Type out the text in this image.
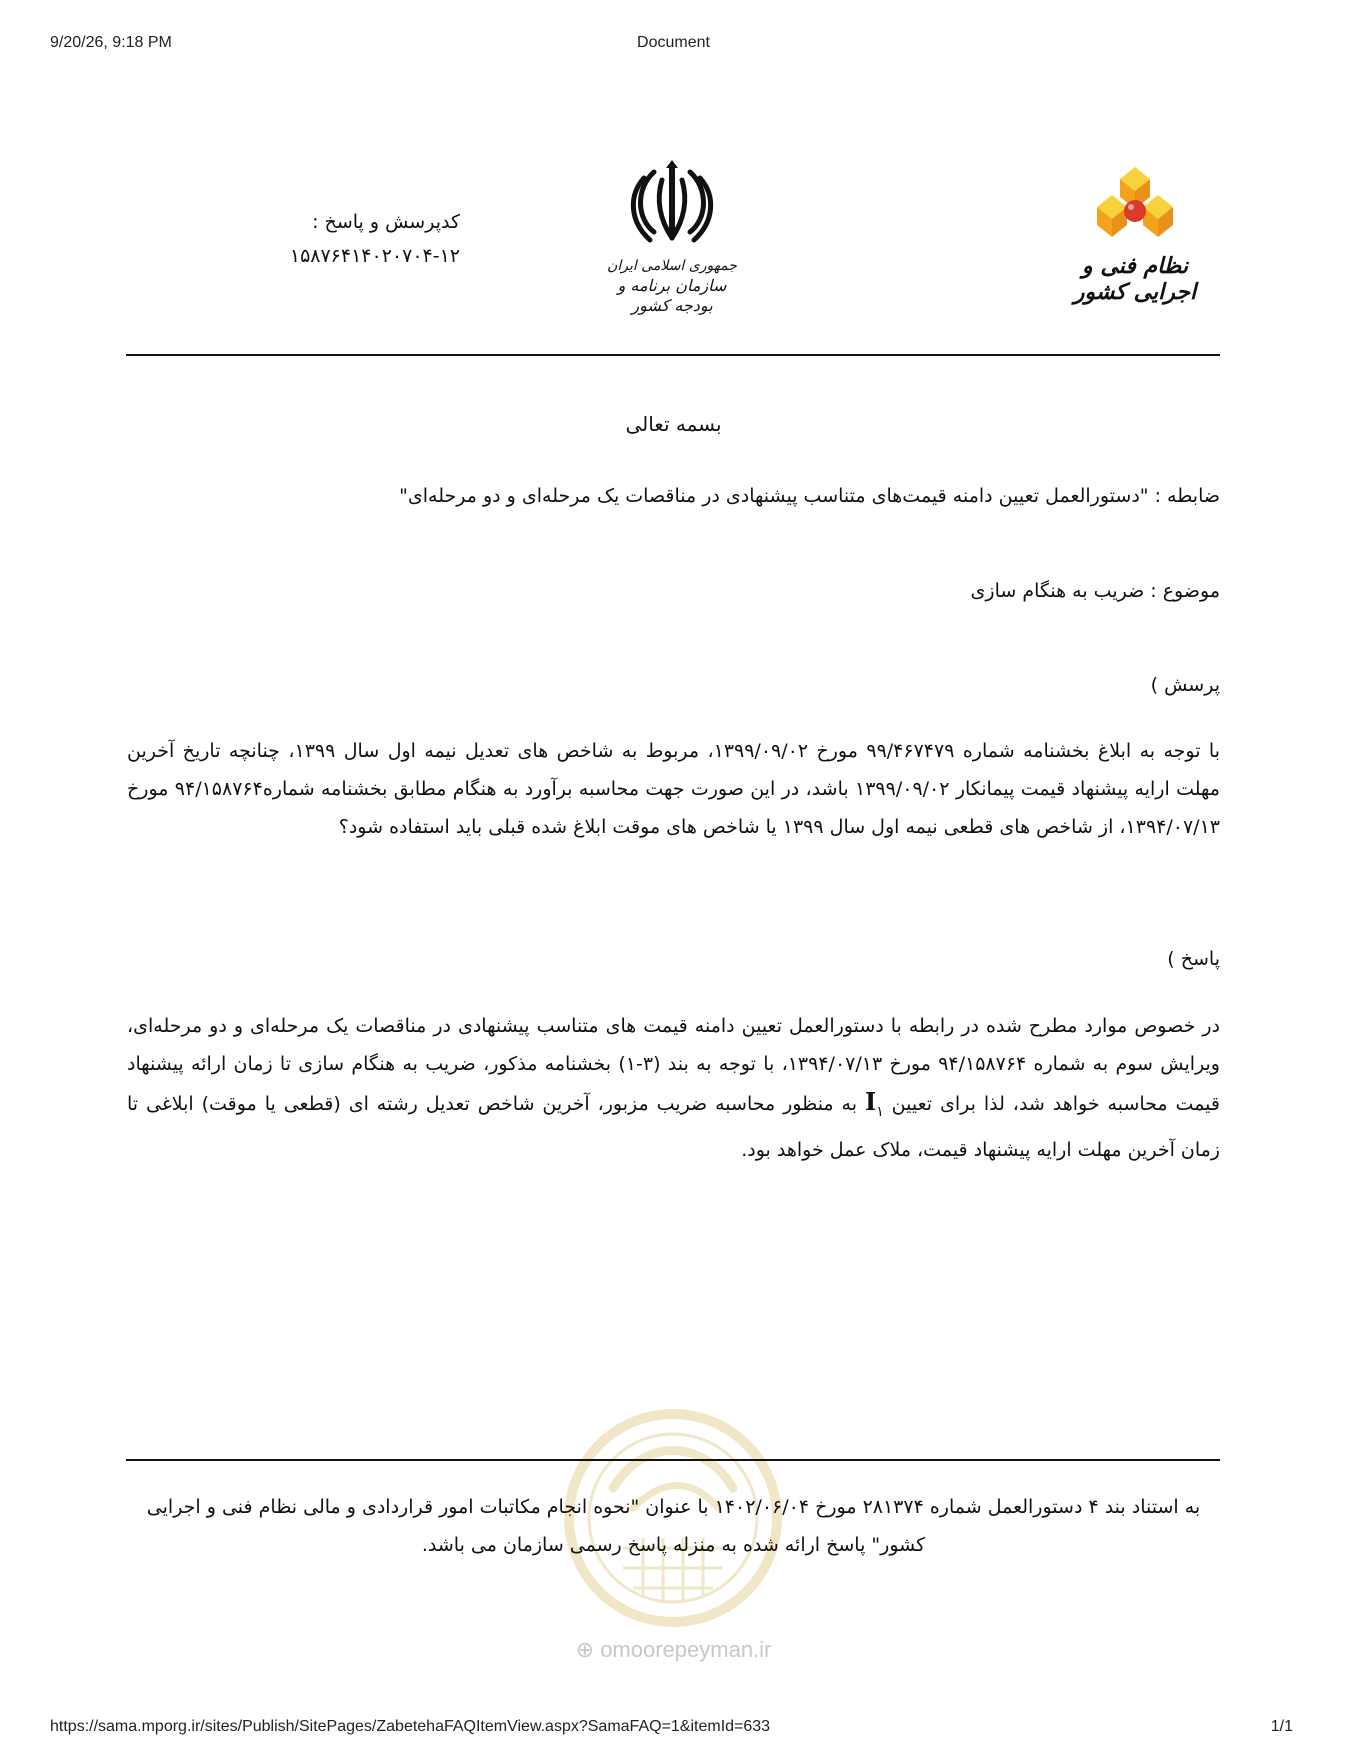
9/20/26, 9:18 PM	Document
کدپرسش و پاسخ :
۱۵۸۷۶۴۱۴۰۲۰۷۰۴-۱۲	جمهوری اسلامی ایران
سازمان برنامه و بودجه کشور
نظام فنی و اجرایی کشور
بسمه تعالی
ضابطه : "دستورالعمل تعیین دامنه قیمت‌های متناسب پیشنهادی در مناقصات یک مرحله‌ای و دو مرحله‌ای"
موضوع : ضریب به هنگام سازی
پرسش )
با توجه به ابلاغ بخشنامه شماره ۹۹/۴۶۷۴۷۹ مورخ ۱۳۹۹/۰۹/۰۲، مربوط به شاخص های تعدیل نیمه اول سال ۱۳۹۹، چنانچه تاریخ آخرین مهلت ارایه پیشنهاد قیمت پیمانکار ۱۳۹۹/۰۹/۰۲ باشد، در این صورت جهت محاسبه برآورد به هنگام مطابق بخشنامه شماره۹۴/۱۵۸۷۶۴ مورخ ۱۳۹۴/۰۷/۱۳، از شاخص های قطعی نیمه اول سال ۱۳۹۹ یا شاخص های موقت ابلاغ شده قبلی باید استفاده شود؟
پاسخ )
در خصوص موارد مطرح شده در رابطه با دستورالعمل تعیین دامنه قیمت های متناسب پیشنهادی در مناقصات یک مرحله‌ای و دو مرحله‌ای، ویرایش سوم به شماره ۹۴/۱۵۸۷۶۴ مورخ ۱۳۹۴/۰۷/۱۳، با توجه به بند (۳-۱) بخشنامه مذکور، ضریب به هنگام سازی تا زمان ارائه پیشنهاد قیمت محاسبه خواهد شد، لذا برای تعیین $I_۱$ به منظور محاسبه ضریب مزبور، آخرین شاخص تعدیل رشته ای (قطعی یا موقت) ابلاغی تا زمان آخرین مهلت ارایه پیشنهاد قیمت، ملاک عمل خواهد بود.
⊕ omoorepeyman.ir
به استناد بند ۴ دستورالعمل شماره ۲۸۱۳۷۴ مورخ ۱۴۰۲/۰۶/۰۴ با عنوان "نحوه انجام مکاتبات امور قراردادی و مالی نظام فنی و اجرایی کشور" پاسخ ارائه شده به منزله پاسخ رسمی سازمان می باشد.
https://sama.mporg.ir/sites/Publish/SitePages/ZabetehaFAQItemView.aspx?SamaFAQ=1&itemId=633	1/1
